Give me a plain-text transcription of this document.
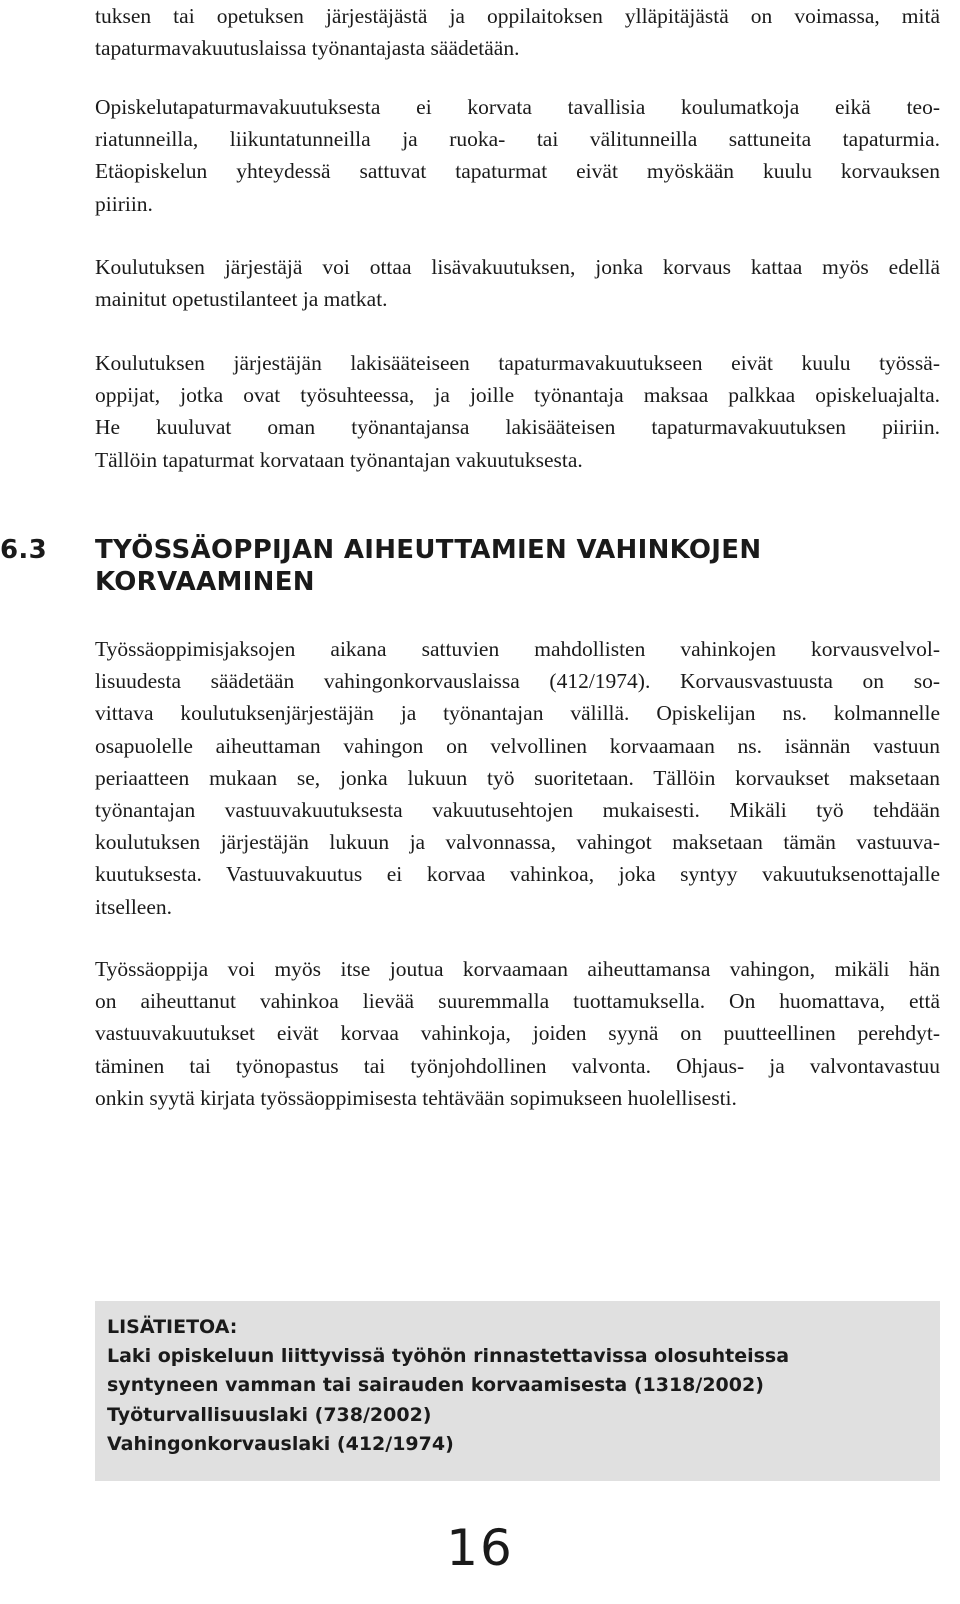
tuksen tai opetuksen järjestäjästä ja oppilaitoksen ylläpitäjästä on voimassa, mitä
tapaturmavakuutuslaissa työnantajasta säädetään.

Opiskelutapaturmavakuutuksesta ei korvata tavallisia koulumatkoja eikä teo-
riatunneilla, liikuntatunneilla ja ruoka- tai välitunneilla sattuneita tapaturmia.
Etäopiskelun yhteydessä sattuvat tapaturmat eivät myöskään kuulu korvauksen
piiriin.

Koulutuksen järjestäjä voi ottaa lisävakuutuksen, jonka korvaus kattaa myös edellä
mainitut opetustilanteet ja matkat.

Koulutuksen järjestäjän lakisääteiseen tapaturmavakuutukseen eivät kuulu työssä-
oppijat, jotka ovat työsuhteessa, ja joille työnantaja maksaa palkkaa opiskeluajalta.
He kuuluvat oman työnantajansa lakisääteisen tapaturmavakuutuksen piiriin.
Tällöin tapaturmat korvataan työnantajan vakuutuksesta.

6.3 TYÖSSÄOPPIJAN AIHEUTTAMIEN VAHINKOJEN
KORVAAMINEN

Työssäoppimisjaksojen aikana sattuvien mahdollisten vahinkojen korvausvelvol-
lisuudesta säädetään vahingonkorvauslaissa (412/1974). Korvausvastuusta on so-
vittava koulutuksenjärjestäjän ja työnantajan välillä. Opiskelijan ns. kolmannelle
osapuolelle aiheuttaman vahingon on velvollinen korvaamaan ns. isännän vastuun
periaatteen mukaan se, jonka lukuun työ suoritetaan. Tällöin korvaukset maksetaan
työnantajan vastuuvakuutuksesta vakuutusehtojen mukaisesti. Mikäli työ tehdään
koulutuksen järjestäjän lukuun ja valvonnassa, vahingot maksetaan tämän vastuuva-
kuutuksesta. Vastuuvakuutus ei korvaa vahinkoa, joka syntyy vakuutuksenottajalle
itselleen.

Työssäoppija voi myös itse joutua korvaamaan aiheuttamansa vahingon, mikäli hän
on aiheuttanut vahinkoa lievää suuremmalla tuottamuksella. On huomattava, että
vastuuvakuutukset eivät korvaa vahinkoja, joiden syynä on puutteellinen perehdyt-
täminen tai työnopastus tai työnjohdollinen valvonta. Ohjaus- ja valvontavastuu
onkin syytä kirjata työssäoppimisesta tehtävään sopimukseen huolellisesti.

LISÄTIETOA:
Laki opiskeluun liittyvissä työhön rinnastettavissa olosuhteissa
syntyneen vamman tai sairauden korvaamisesta (1318/2002)
Työturvallisuuslaki (738/2002)
Vahingonkorvauslaki (412/1974)
16
